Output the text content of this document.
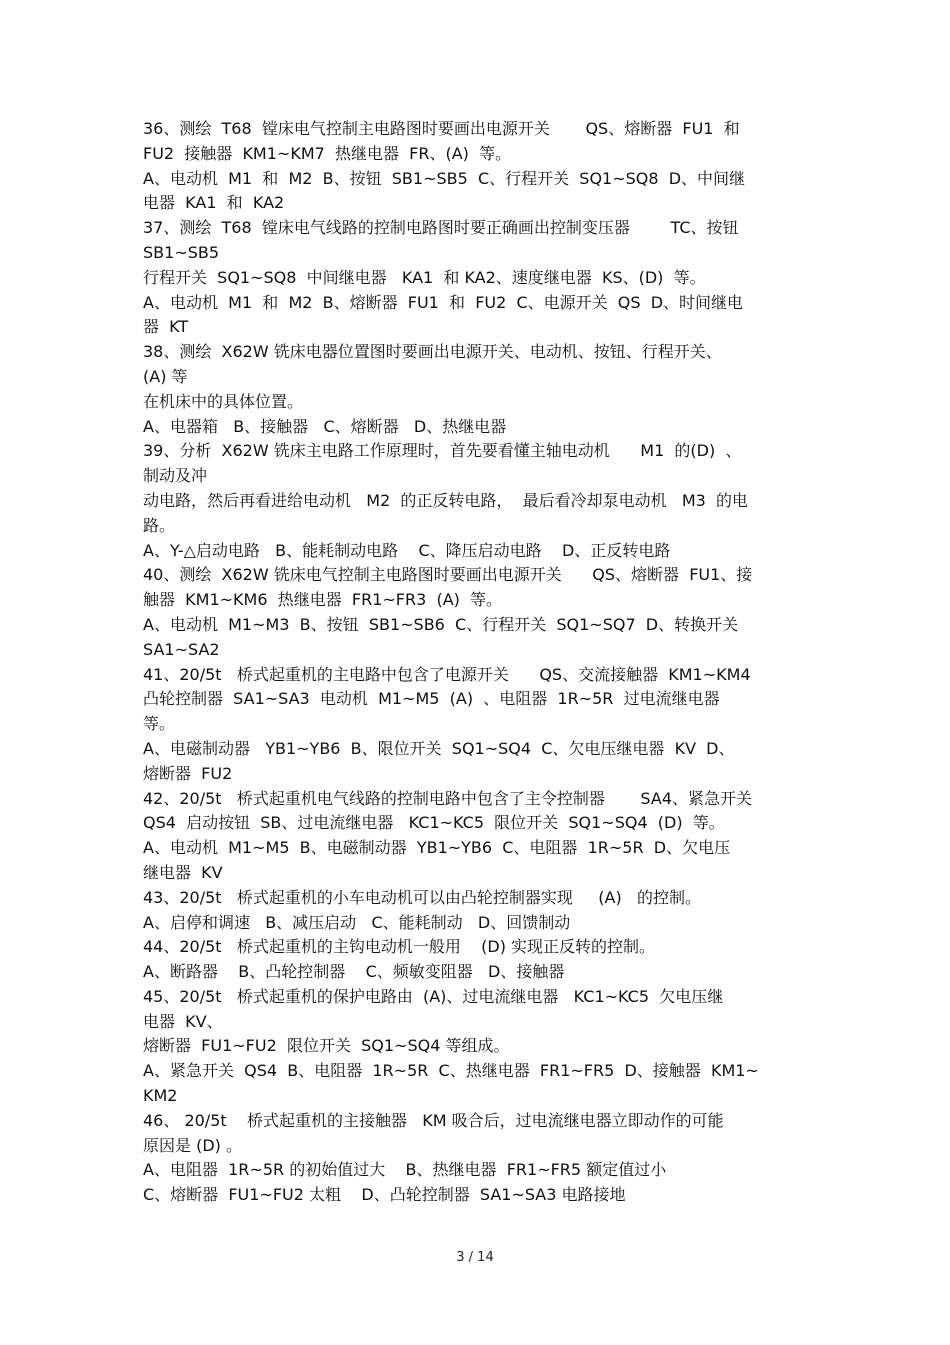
36、测绘  T68  镗床电气控制主电路图时要画出电源开关       QS、熔断器  FU1  和
FU2  接触器  KM1~KM7  热继电器  FR、(A)  等。
A、电动机  M1  和  M2  B、按钮  SB1~SB5  C、行程开关  SQ1~SQ8  D、中间继
电器  KA1  和  KA2
37、测绘  T68  镗床电气线路的控制电路图时要正确画出控制变压器        TC、按钮
SB1~SB5
行程开关  SQ1~SQ8  中间继电器   KA1  和 KA2、速度继电器  KS、(D)  等。
A、电动机  M1  和  M2  B、熔断器  FU1  和  FU2  C、电源开关  QS  D、时间继电
器  KT
38、测绘  X62W 铣床电器位置图时要画出电源开关、电动机、按钮、行程开关、
(A) 等
在机床中的具体位置。
A、电器箱   B、接触器   C、熔断器   D、热继电器
39、分析  X62W 铣床主电路工作原理时，首先要看懂主轴电动机      M1  的(D)  、
制动及冲
动电路，然后再看进给电动机   M2  的正反转电路，  最后看冷却泵电动机   M3  的电
路。
A、Y-△启动电路   B、能耗制动电路    C、降压启动电路    D、正反转电路
40、测绘  X62W 铣床电气控制主电路图时要画出电源开关      QS、熔断器  FU1、接
触器  KM1~KM6  热继电器  FR1~FR3  (A)  等。
A、电动机  M1~M3  B、按钮  SB1~SB6  C、行程开关  SQ1~SQ7  D、转换开关
SA1~SA2
41、20/5t   桥式起重机的主电路中包含了电源开关      QS、交流接触器  KM1~KM4
凸轮控制器  SA1~SA3  电动机  M1~M5  (A)  、电阻器  1R~5R  过电流继电器
等。
A、电磁制动器   YB1~YB6  B、限位开关  SQ1~SQ4  C、欠电压继电器  KV  D、
熔断器  FU2
42、20/5t   桥式起重机电气线路的控制电路中包含了主令控制器       SA4、紧急开关
QS4  启动按钮  SB、过电流继电器   KC1~KC5  限位开关  SQ1~SQ4  (D)  等。
A、电动机  M1~M5  B、电磁制动器  YB1~YB6  C、电阻器  1R~5R  D、欠电压
继电器  KV
43、20/5t   桥式起重机的小车电动机可以由凸轮控制器实现     (A)   的控制。
A、启停和调速   B、减压启动   C、能耗制动   D、回馈制动
44、20/5t   桥式起重机的主钩电动机一般用    (D) 实现正反转的控制。
A、断路器    B、凸轮控制器    C、频敏变阻器   D、接触器
45、20/5t   桥式起重机的保护电路由  (A)、过电流继电器   KC1~KC5  欠电压继
电器  KV、
熔断器  FU1~FU2  限位开关  SQ1~SQ4 等组成。
A、紧急开关  QS4  B、电阻器  1R~5R  C、热继电器  FR1~FR5  D、接触器  KM1~
KM2
46、 20/5t    桥式起重机的主接触器   KM 吸合后，过电流继电器立即动作的可能
原因是 (D) 。
A、电阻器  1R~5R 的初始值过大    B、热继电器  FR1~FR5 额定值过小
C、熔断器  FU1~FU2 太粗    D、凸轮控制器  SA1~SA3 电路接地
3 / 14
